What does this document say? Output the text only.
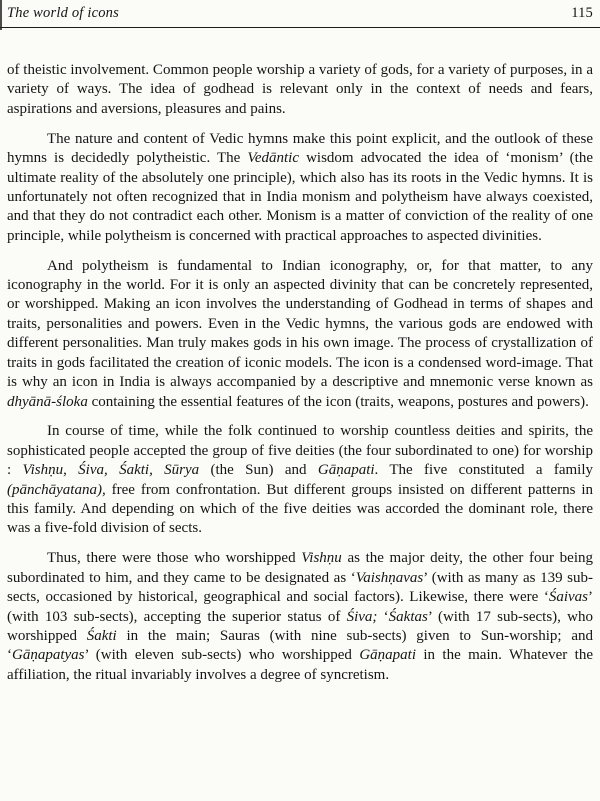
The world of icons	115

of theistic involvement. Common people worship a variety of gods, for a variety of purposes, in a variety of ways. The idea of godhead is relevant only in the context of needs and fears, aspirations and aversions, pleasures and pains.

The nature and content of Vedic hymns make this point explicit, and the outlook of these hymns is decidedly polytheistic. The Vedāntic wisdom advocated the idea of ‘monism’ (the ultimate reality of the absolutely one principle), which also has its roots in the Vedic hymns. It is unfortunately not often recognized that in India monism and polytheism have always coexisted, and that they do not contradict each other. Monism is a matter of conviction of the reality of one principle, while polytheism is concerned with practical approaches to aspected divinities.

And polytheism is fundamental to Indian iconography, or, for that matter, to any iconography in the world. For it is only an aspected divinity that can be concretely represented, or worshipped. Making an icon involves the understanding of Godhead in terms of shapes and traits, personalities and powers. Even in the Vedic hymns, the various gods are endowed with different personalities. Man truly makes gods in his own image. The process of crystallization of traits in gods facilitated the creation of iconic models. The icon is a condensed word-image. That is why an icon in India is always accompanied by a descriptive and mnemonic verse known as dhyānā-śloka containing the essential features of the icon (traits, weapons, postures and powers).

In course of time, while the folk continued to worship countless deities and spirits, the sophisticated people accepted the group of five deities (the four subordinated to one) for worship : Vishṇu, Śiva, Śakti, Sūrya (the Sun) and Gāṇapati. The five constituted a family (pānchāyatana), free from confrontation. But different groups insisted on different patterns in this family. And depending on which of the five deities was accorded the dominant role, there was a five-fold division of sects.

Thus, there were those who worshipped Vishṇu as the major deity, the other four being subordinated to him, and they came to be designated as ‘Vaishṇavas’ (with as many as 139 sub-sects, occasioned by historical, geographical and social factors). Likewise, there were ‘Śaivas’ (with 103 sub-sects), accepting the superior status of Śiva; ‘Śaktas’ (with 17 sub-sects), who worshipped Śakti in the main; Sauras (with nine sub-sects) given to Sun-worship; and ‘Gāṇapatyas’ (with eleven sub-sects) who worshipped Gāṇapati in the main. Whatever the affiliation, the ritual invariably involves a degree of syncretism.
